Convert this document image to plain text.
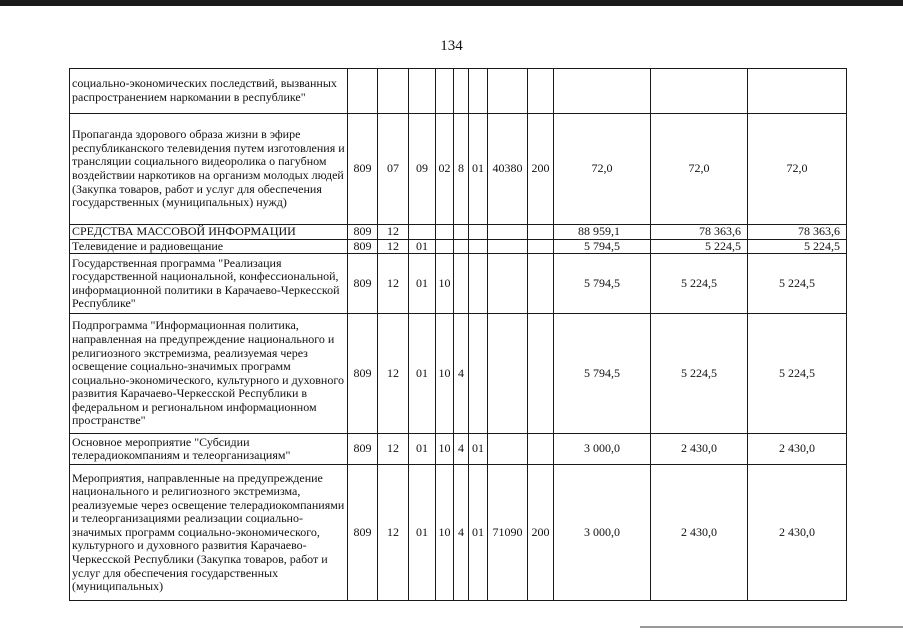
134
социально-экономических последствий, вызванных распространением наркомании в республике"											
Пропаганда здорового образа жизни в эфире республиканского телевидения путем изготовления и трансляции социального видеоролика о пагубном воздействии наркотиков на организм молодых людей (Закупка товаров, работ и услуг для обеспечения государственных (муниципальных) нужд)	809	07	09	02	8	01	40380	200	72,0	72,0	72,0
СРЕДСТВА МАССОВОЙ ИНФОРМАЦИИ	809	12							88 959,1	78 363,6	78 363,6
Телевидение и радиовещание	809	12	01						5 794,5	5 224,5	5 224,5
Государственная программа "Реализация государственной национальной, конфессиональной, информационной политики в Карачаево-Черкесской Республике"	809	12	01	10					5 794,5	5 224,5	5 224,5
Подпрограмма "Информационная политика, направленная на предупреждение национального и религиозного экстремизма, реализуемая через освещение социально-значимых программ социально-экономического, культурного и духовного развития Карачаево-Черкесской Республики в федеральном и региональном информационном пространстве"	809	12	01	10	4				5 794,5	5 224,5	5 224,5
Основное мероприятие "Субсидии телерадиокомпаниям и телеорганизациям"	809	12	01	10	4	01			3 000,0	2 430,0	2 430,0
Мероприятия, направленные на предупреждение национального и религиозного экстремизма, реализуемые через освещение телерадиокомпаниями и телеорганизациями реализации социально-значимых программ социально-экономического, культурного и духовного развития Карачаево-Черкесской Республики (Закупка товаров, работ и услуг для обеспечения государственных (муниципальных)	809	12	01	10	4	01	71090	200	3 000,0	2 430,0	2 430,0
